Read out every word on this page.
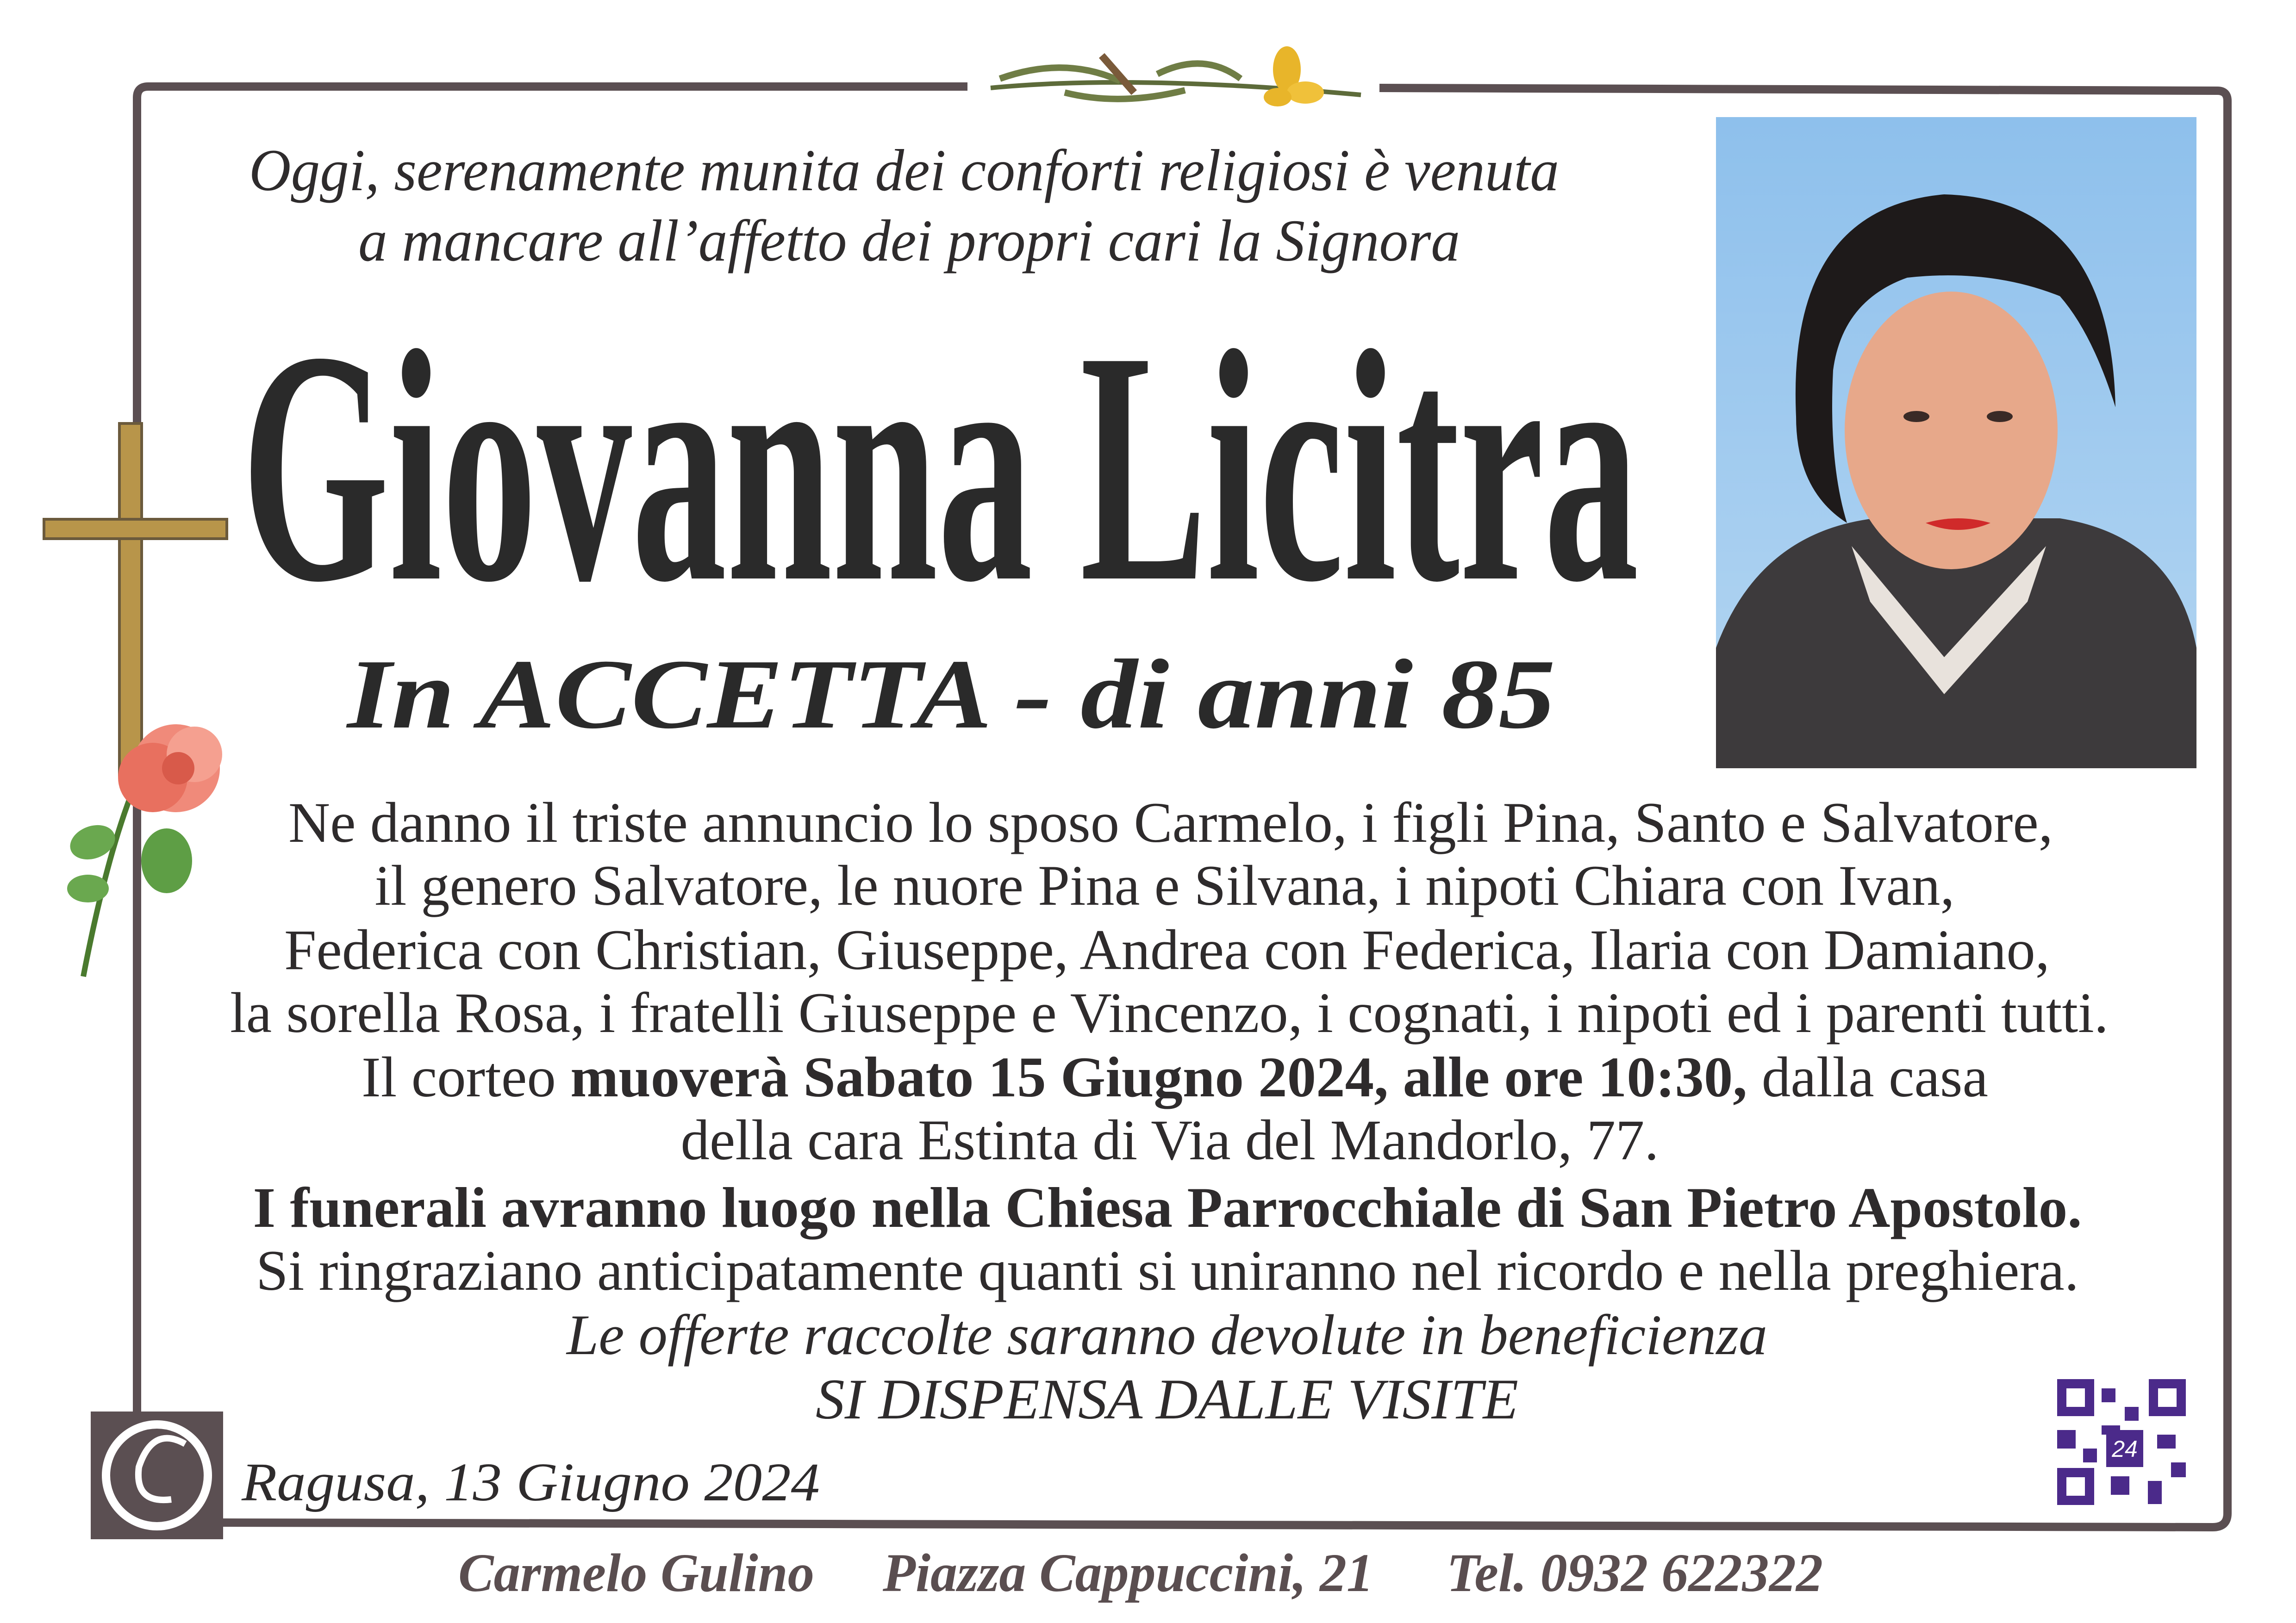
Oggi, serenamente munita dei conforti religiosi è venuta
a mancare all’affetto dei propri cari la Signora
Giovanna Licitra
In ACCETTA - di anni 85
Ne danno il triste annuncio lo sposo Carmelo, i figli Pina, Santo e Salvatore,
il genero Salvatore, le nuore Pina e Silvana, i nipoti Chiara con Ivan,
Federica con Christian, Giuseppe, Andrea con Federica, Ilaria con Damiano,
la sorella Rosa, i fratelli Giuseppe e Vincenzo, i cognati, i nipoti ed i parenti tutti.
Il corteo muoverà Sabato 15 Giugno 2024, alle ore 10:30, dalla casa
della cara Estinta di Via del Mandorlo, 77.
I funerali avranno luogo nella Chiesa Parrocchiale di San Pietro Apostolo.
Si ringraziano anticipatamente quanti si uniranno nel ricordo e nella preghiera.
Le offerte raccolte saranno devolute in beneficienza
SI DISPENSA DALLE VISITE
Ragusa, 13 Giugno 2024
Carmelo Gulino Piazza Cappuccini, 21 Tel. 0932 622322
24
